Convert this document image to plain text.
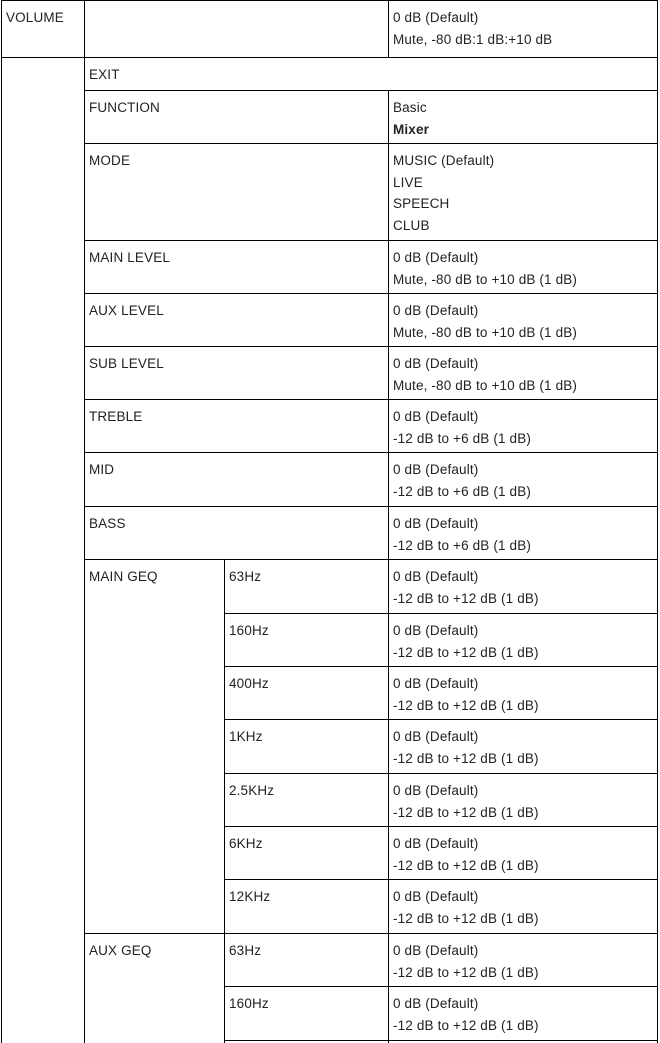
VOLUME	0 dB (Default)
Mute, -80 dB:1 dB:+10 dB
EXIT
FUNCTION	Basic
Mixer
MODE	MUSIC (Default)
LIVE
SPEECH
CLUB
MAIN LEVEL	0 dB (Default)
Mute, -80 dB to +10 dB (1 dB)
AUX LEVEL	0 dB (Default)
Mute, -80 dB to +10 dB (1 dB)
SUB LEVEL	0 dB (Default)
Mute, -80 dB to +10 dB (1 dB)
TREBLE	0 dB (Default)
-12 dB to +6 dB (1 dB)
MID	0 dB (Default)
-12 dB to +6 dB (1 dB)
BASS	0 dB (Default)
-12 dB to +6 dB (1 dB)
MAIN GEQ	63Hz	0 dB (Default)
-12 dB to +12 dB (1 dB)
160Hz	0 dB (Default)
-12 dB to +12 dB (1 dB)
400Hz	0 dB (Default)
-12 dB to +12 dB (1 dB)
1KHz	0 dB (Default)
-12 dB to +12 dB (1 dB)
2.5KHz	0 dB (Default)
-12 dB to +12 dB (1 dB)
6KHz	0 dB (Default)
-12 dB to +12 dB (1 dB)
12KHz	0 dB (Default)
-12 dB to +12 dB (1 dB)
AUX GEQ	63Hz	0 dB (Default)
-12 dB to +12 dB (1 dB)
160Hz	0 dB (Default)
-12 dB to +12 dB (1 dB)
